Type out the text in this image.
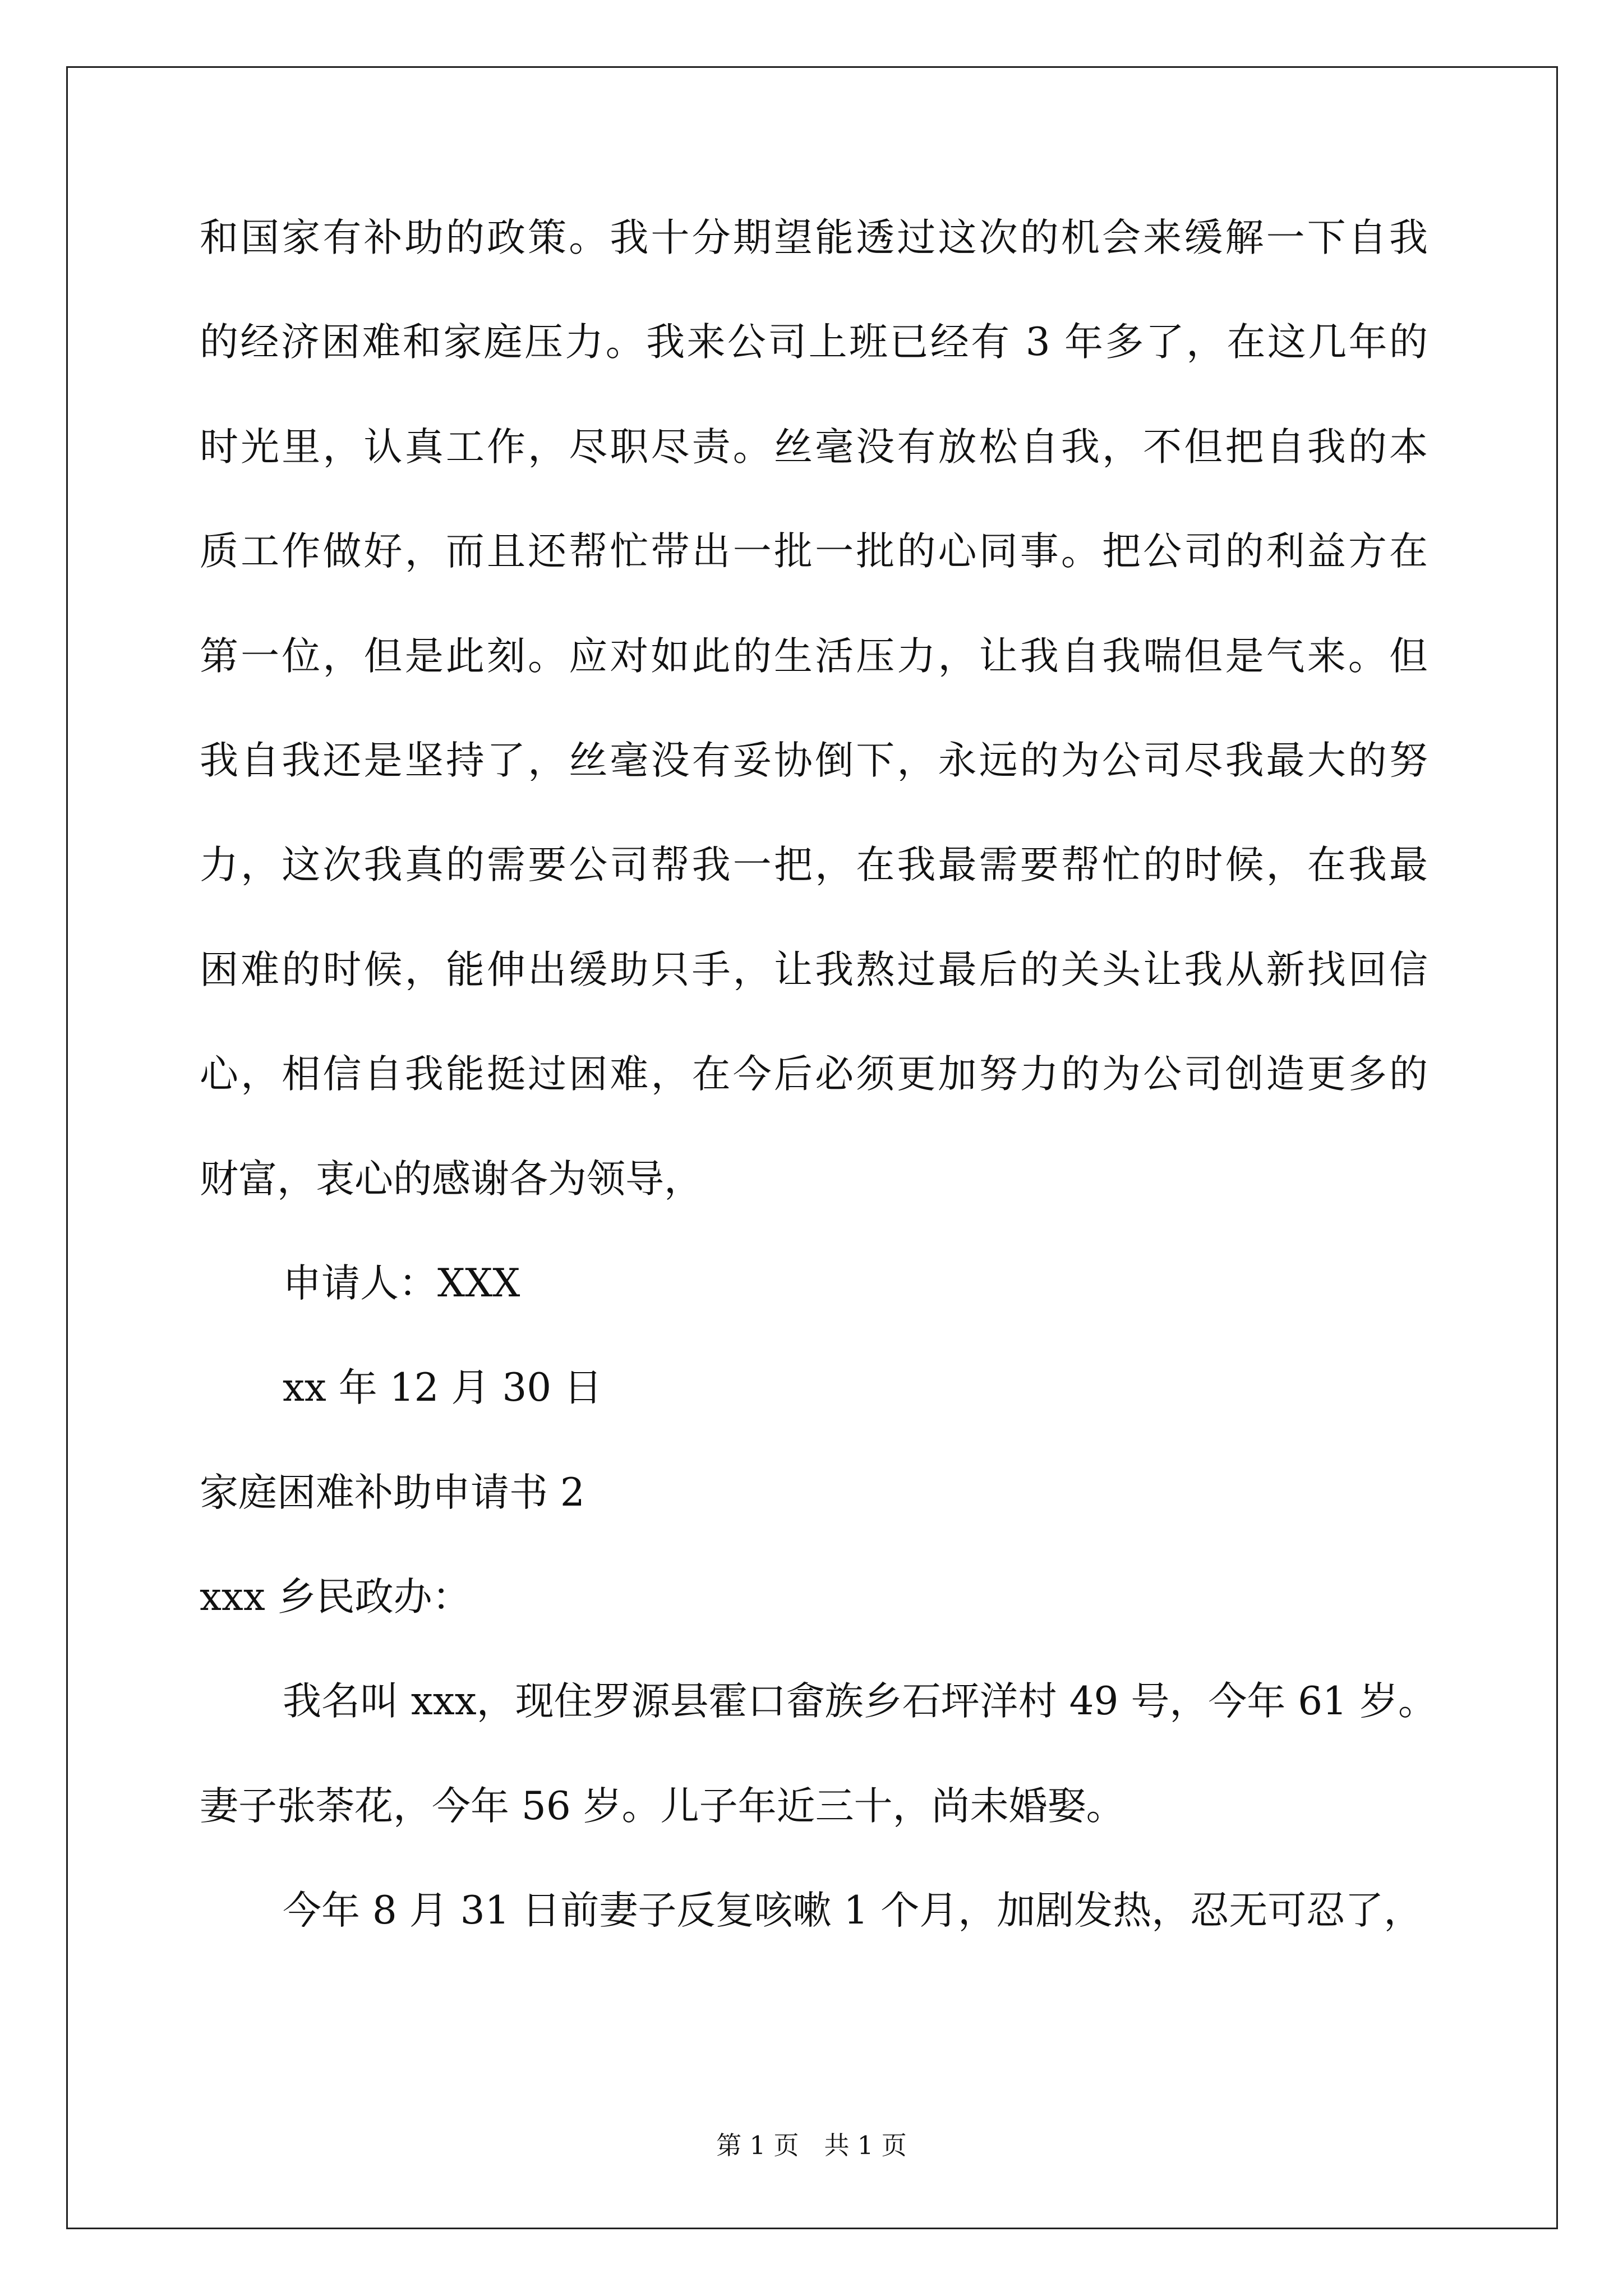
和国家有补助的政策。我十分期望能透过这次的机会来缓解一下自我

的经济困难和家庭压力。我来公司上班已经有 3 年多了，在这几年的

时光里，认真工作，尽职尽责。丝毫没有放松自我，不但把自我的本

质工作做好，而且还帮忙带出一批一批的心同事。把公司的利益方在

第一位，但是此刻。应对如此的生活压力，让我自我喘但是气来。但

我自我还是坚持了，丝毫没有妥协倒下，永远的为公司尽我最大的努

力，这次我真的需要公司帮我一把，在我最需要帮忙的时候，在我最

困难的时候，能伸出缓助只手，让我熬过最后的关头让我从新找回信

心，相信自我能挺过困难，在今后必须更加努力的为公司创造更多的

财富，衷心的感谢各为领导，

申请人：XXX

xx 年 12 月 30 日

家庭困难补助申请书 2

xxx 乡民政办：

我名叫 xxx，现住罗源县霍口畲族乡石坪洋村 49 号，今年 61 岁。

妻子张荼花，今年 56 岁。儿子年近三十，尚未婚娶。

今年 8 月 31 日前妻子反复咳嗽 1 个月，加剧发热，忍无可忍了，

第 1 页　共 1 页
